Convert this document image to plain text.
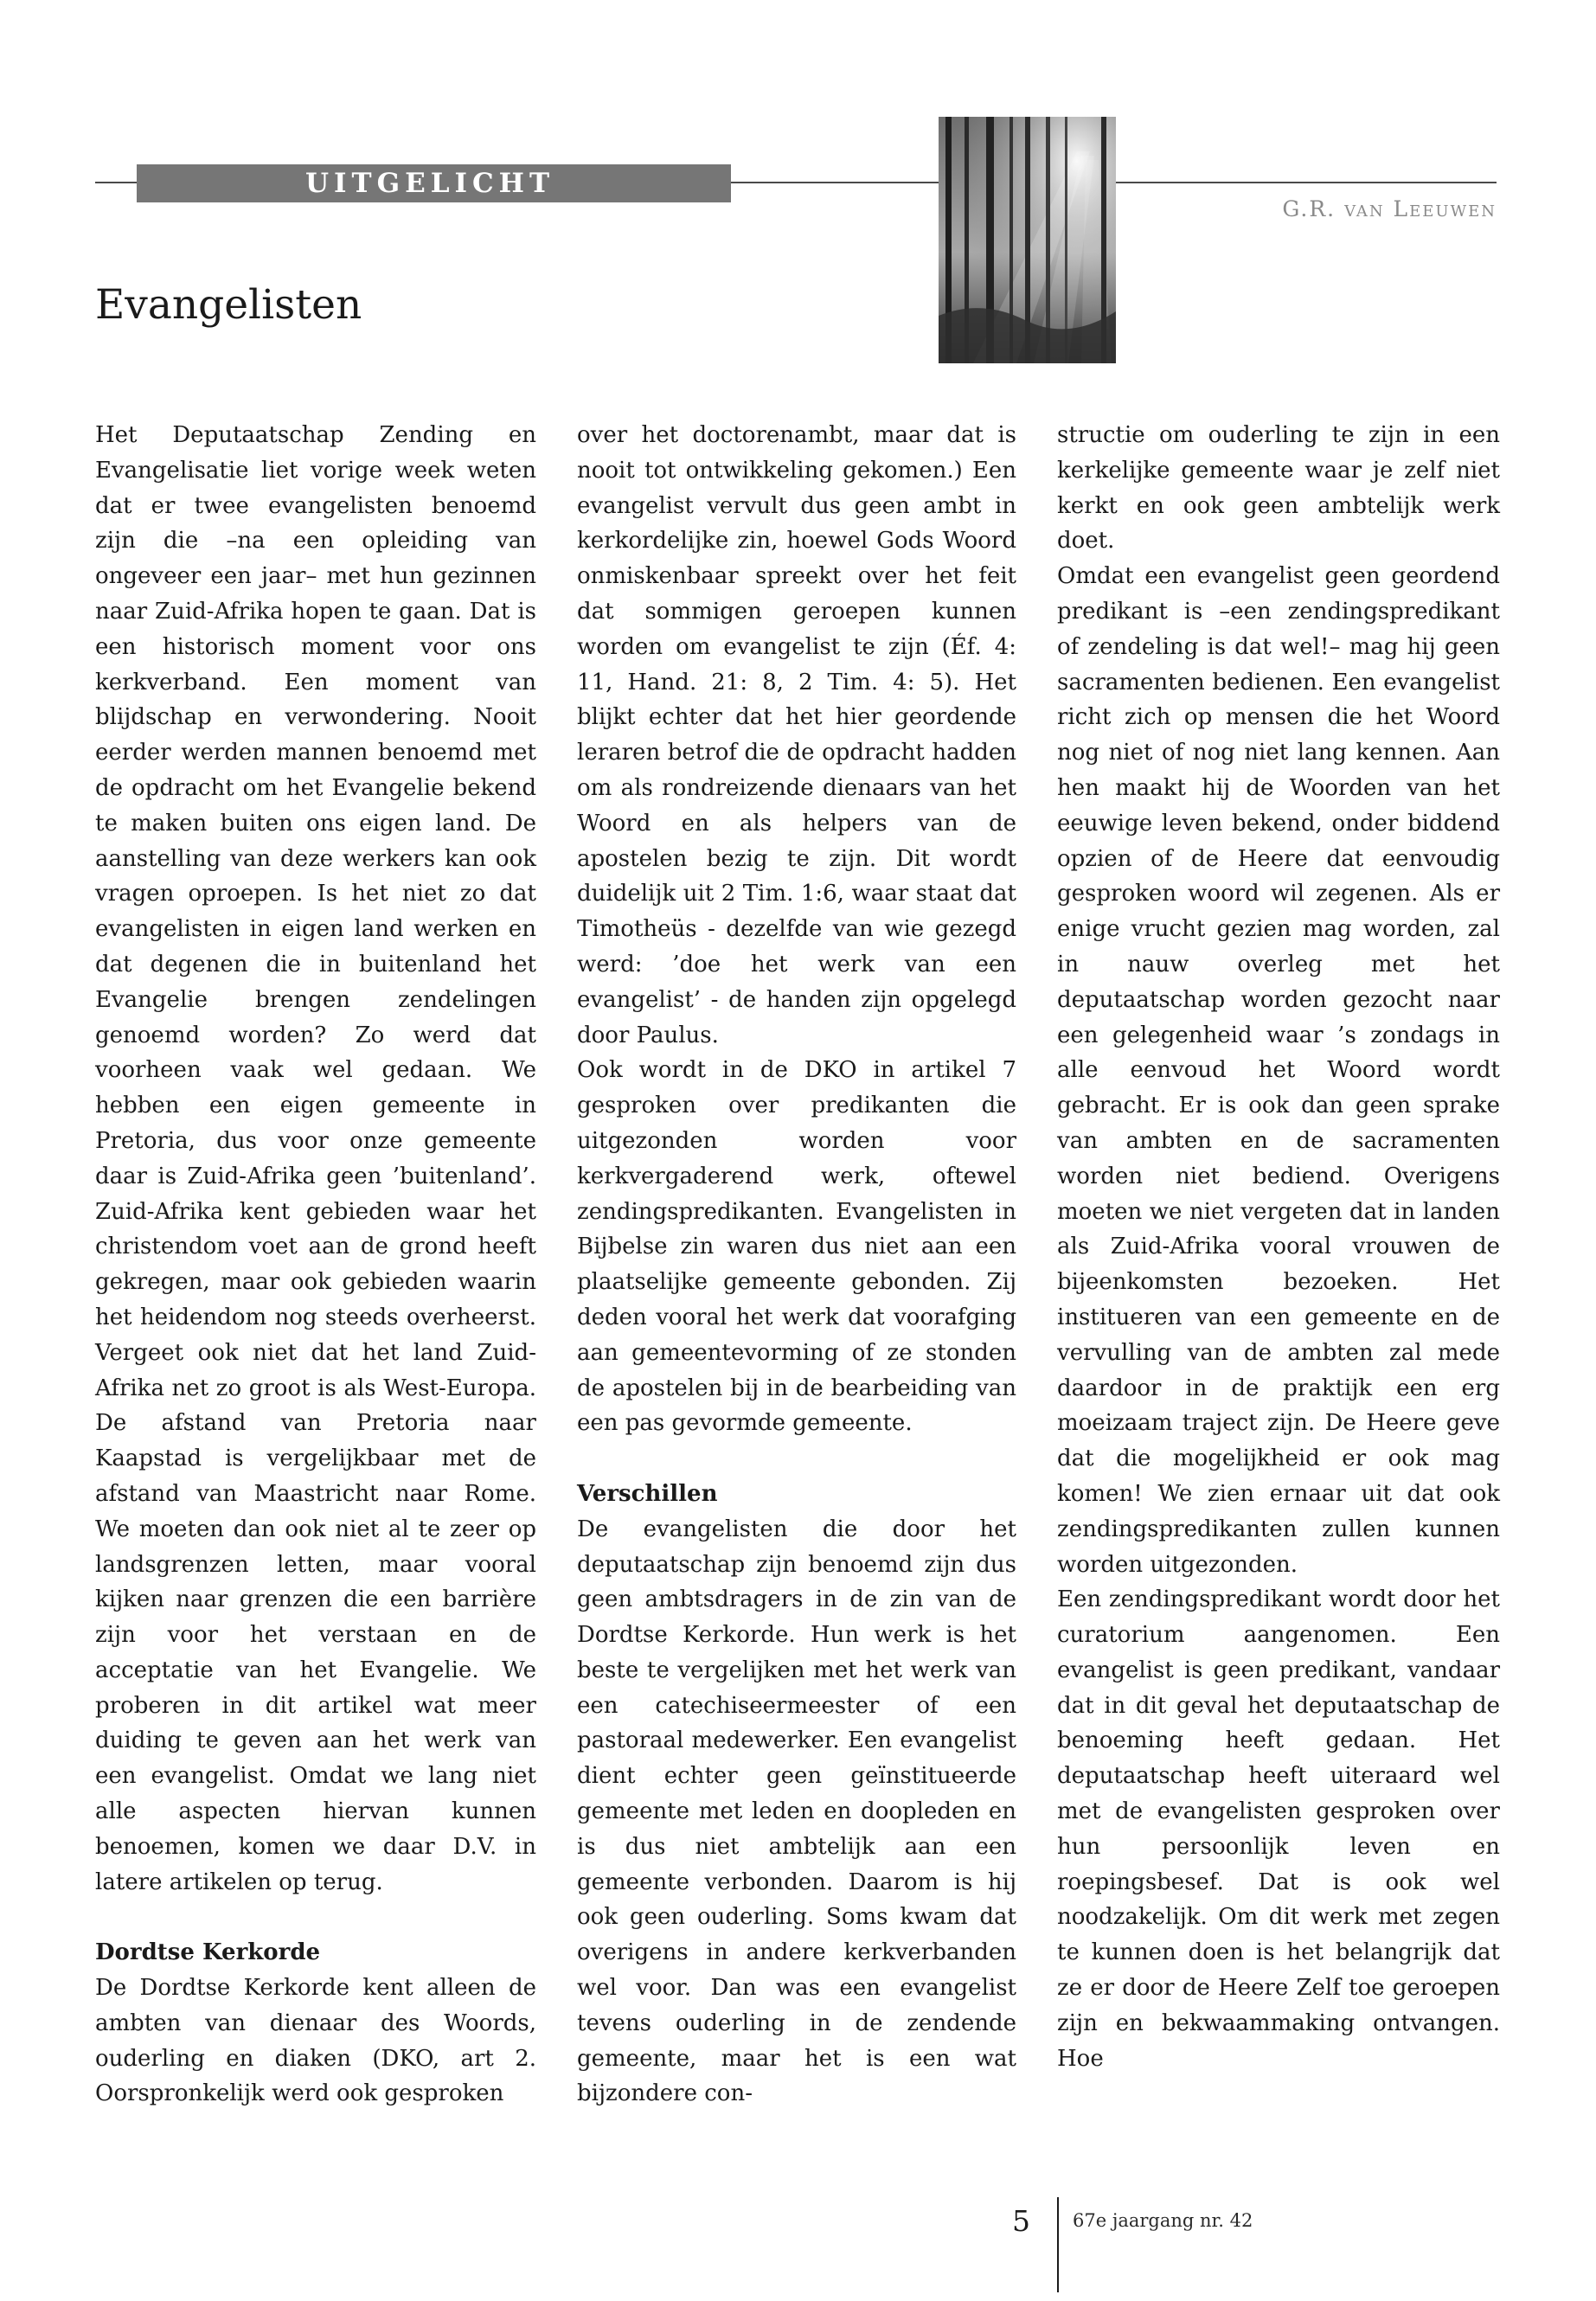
UITGELICHT
G.R. van Leeuwen
Evangelisten

Het Deputaatschap Zending en Evangelisatie liet vorige week weten dat er twee evangelisten benoemd zijn die –na een opleiding van ongeveer een jaar– met hun gezinnen naar Zuid-Afrika hopen te gaan. Dat is een historisch moment voor ons kerkverband. Een moment van blijdschap en verwondering. Nooit eerder werden mannen benoemd met de opdracht om het Evangelie bekend te maken buiten ons eigen land. De aanstelling van deze werkers kan ook vragen oproepen. Is het niet zo dat evangelisten in eigen land werken en dat degenen die in buitenland het Evangelie brengen zendelingen genoemd worden? Zo werd dat voorheen vaak wel gedaan. We hebben een eigen gemeente in Pretoria, dus voor onze gemeente daar is Zuid-Afrika geen ’buitenland’. Zuid-Afrika kent gebieden waar het christendom voet aan de grond heeft gekregen, maar ook gebieden waarin het heidendom nog steeds overheerst. Vergeet ook niet dat het land Zuid-Afrika net zo groot is als West-Europa. De afstand van Pretoria naar Kaapstad is vergelijkbaar met de afstand van Maastricht naar Rome. We moeten dan ook niet al te zeer op landsgrenzen letten, maar vooral kijken naar grenzen die een barrière zijn voor het verstaan en de acceptatie van het Evangelie. We proberen in dit artikel wat meer duiding te geven aan het werk van een evangelist. Omdat we lang niet alle aspecten hiervan kunnen benoemen, komen we daar D.V. in latere artikelen op terug.

Dordtse Kerkorde

De Dordtse Kerkorde kent alleen de ambten van dienaar des Woords, ouderling en diaken (DKO, art 2. Oorspronkelijk werd ook gesproken

over het doctorenambt, maar dat is nooit tot ontwikkeling gekomen.) Een evangelist vervult dus geen ambt in kerkordelijke zin, hoewel Gods Woord onmiskenbaar spreekt over het feit dat sommigen geroepen kunnen worden om evangelist te zijn (Éf. 4: 11, Hand. 21: 8, 2 Tim. 4: 5). Het blijkt echter dat het hier geordende leraren betrof die de opdracht hadden om als rondreizende dienaars van het Woord en als helpers van de apostelen bezig te zijn. Dit wordt duidelijk uit 2 Tim. 1:6, waar staat dat Timotheüs - dezelfde van wie gezegd werd: ’doe het werk van een evangelist’ - de handen zijn opgelegd door Paulus.

Ook wordt in de DKO in artikel 7 gesproken over predikanten die uitgezonden worden voor kerkvergaderend werk, oftewel zendingspredikanten. Evangelisten in Bijbelse zin waren dus niet aan een plaatselijke gemeente gebonden. Zij deden vooral het werk dat voorafging aan gemeentevorming of ze stonden de apostelen bij in de bearbeiding van een pas gevormde gemeente.

Verschillen

De evangelisten die door het deputaatschap zijn benoemd zijn dus geen ambtsdragers in de zin van de Dordtse Kerkorde. Hun werk is het beste te vergelijken met het werk van een catechiseermeester of een pastoraal medewerker. Een evangelist dient echter geen geïnstitueerde gemeente met leden en doopleden en is dus niet ambtelijk aan een gemeente verbonden. Daarom is hij ook geen ouderling. Soms kwam dat overigens in andere kerkverbanden wel voor. Dan was een evangelist tevens ouderling in de zendende gemeente, maar het is een wat bijzondere con-

structie om ouderling te zijn in een kerkelijke gemeente waar je zelf niet kerkt en ook geen ambtelijk werk doet.

Omdat een evangelist geen geordend predikant is –een zendingspredikant of zendeling is dat wel!– mag hij geen sacramenten bedienen. Een evangelist richt zich op mensen die het Woord nog niet of nog niet lang kennen. Aan hen maakt hij de Woorden van het eeuwige leven bekend, onder biddend opzien of de Heere dat eenvoudig gesproken woord wil zegenen. Als er enige vrucht gezien mag worden, zal in nauw overleg met het deputaatschap worden gezocht naar een gelegenheid waar ’s zondags in alle eenvoud het Woord wordt gebracht. Er is ook dan geen sprake van ambten en de sacramenten worden niet bediend. Overigens moeten we niet vergeten dat in landen als Zuid-Afrika vooral vrouwen de bijeenkomsten bezoeken. Het institueren van een gemeente en de vervulling van de ambten zal mede daardoor in de praktijk een erg moeizaam traject zijn. De Heere geve dat die mogelijkheid er ook mag komen! We zien ernaar uit dat ook zendingspredikanten zullen kunnen worden uitgezonden.

Een zendingspredikant wordt door het curatorium aangenomen. Een evangelist is geen predikant, vandaar dat in dit geval het deputaatschap de benoeming heeft gedaan. Het deputaatschap heeft uiteraard wel met de evangelisten gesproken over hun persoonlijk leven en roepingsbesef. Dat is ook wel noodzakelijk. Om dit werk met zegen te kunnen doen is het belangrijk dat ze er door de Heere Zelf toe geroepen zijn en bekwaammaking ontvangen. Hoe

5 67e jaargang nr. 42
